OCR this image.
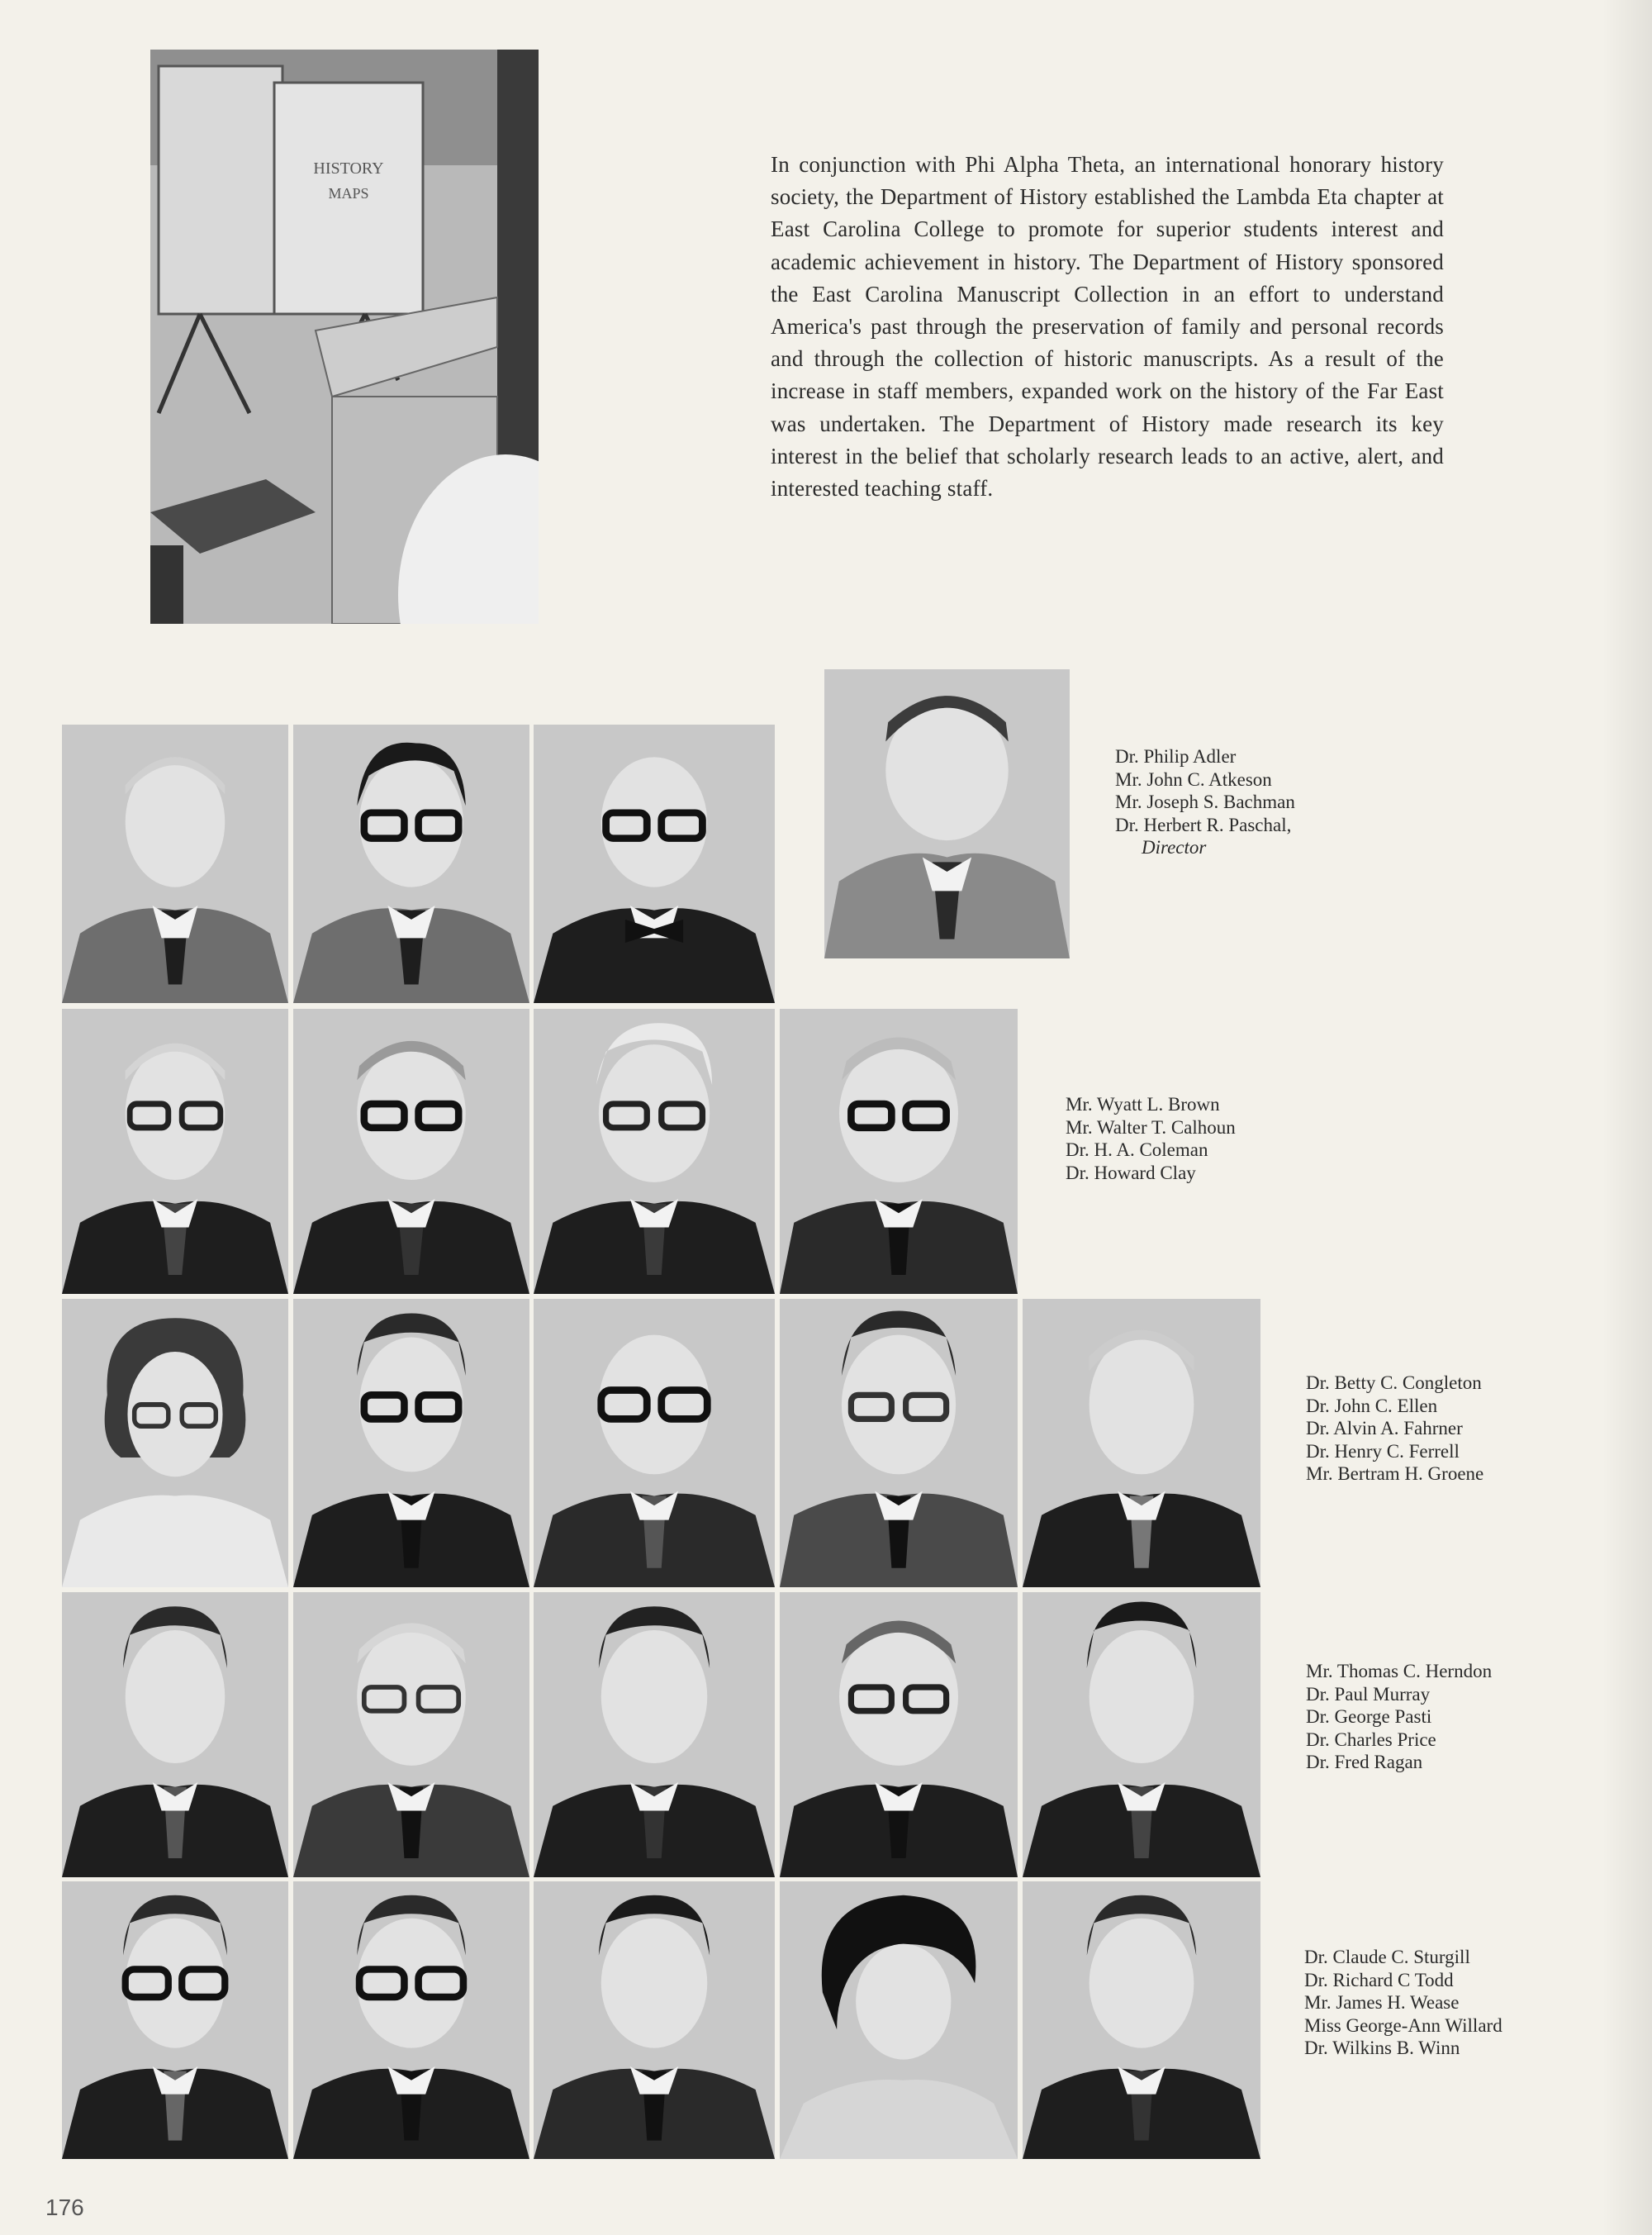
HISTORY
MAPS
In conjunction with Phi Alpha Theta, an international honorary history society, the Department of History established the Lambda Eta chapter at East Carolina College to promote for superior students interest and academic achievement in history. The Department of History sponsored the East Carolina Manuscript Collection in an effort to understand America's past through the preservation of family and personal records and through the collection of historic manuscripts. As a result of the increase in staff members, expanded work on the history of the Far East was undertaken. The Department of History made research its key interest in the belief that scholarly research leads to an active, alert, and interested teaching staff.
Dr. Philip Adler
Mr. John C. Atkeson
Mr. Joseph S. Bachman
Dr. Herbert R. Paschal,
Director
Mr. Wyatt L. Brown
Mr. Walter T. Calhoun
Dr. H. A. Coleman
Dr. Howard Clay
Dr. Betty C. Congleton
Dr. John C. Ellen
Dr. Alvin A. Fahrner
Dr. Henry C. Ferrell
Mr. Bertram H. Groene
Mr. Thomas C. Herndon
Dr. Paul Murray
Dr. George Pasti
Dr. Charles Price
Dr. Fred Ragan
Dr. Claude C. Sturgill
Dr. Richard C Todd
Mr. James H. Wease
Miss George-Ann Willard
Dr. Wilkins B. Winn
176
